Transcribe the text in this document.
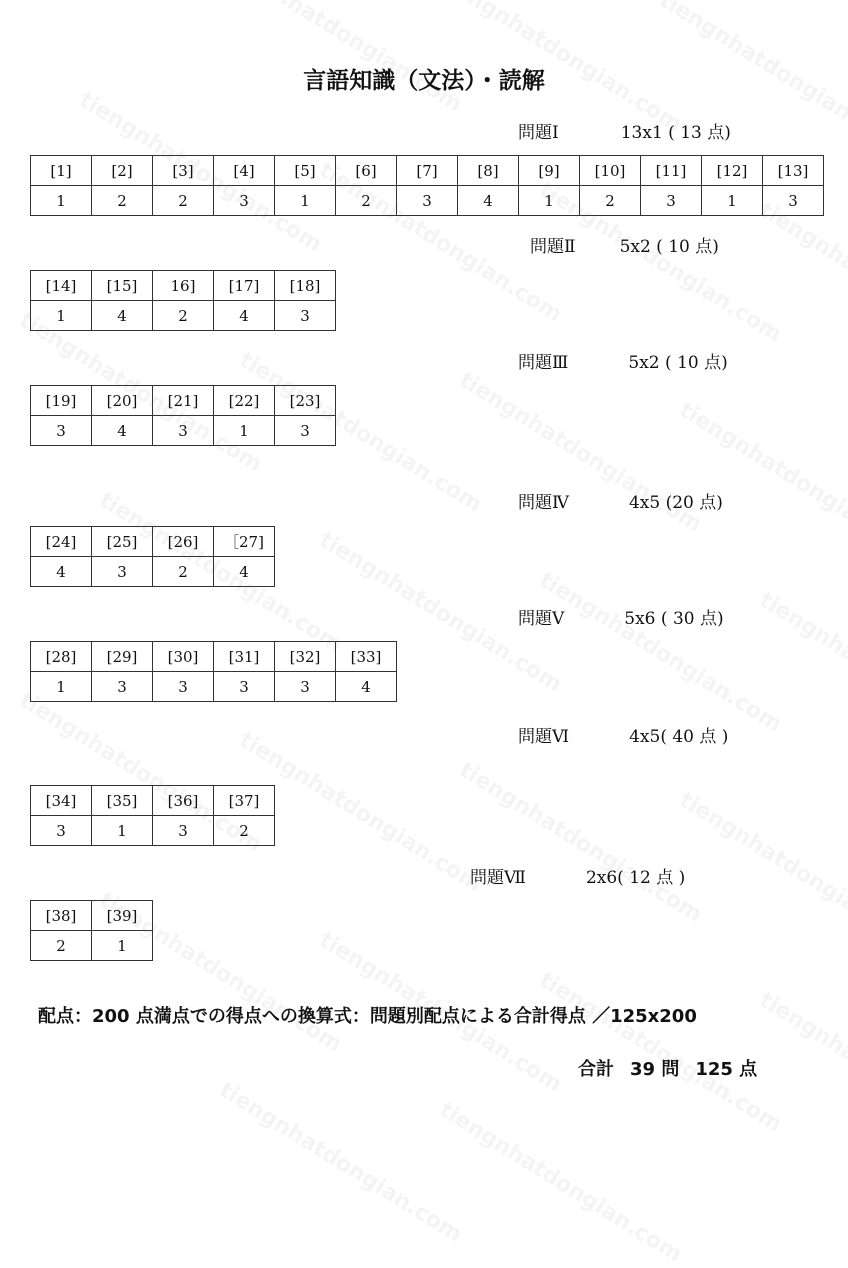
言語知識（文法）・読解
問題Ⅰ	13x1 ( 13 点)
[1]	[2]	[3]	[4]	[5]	[6]	[7]	[8]	[9]	[10]	[11]	[12]	[13]
1	2	2	3	1	2	3	4	1	2	3	1	3
問題Ⅱ	5x2 ( 10 点)
[14]	[15]	16]	[17]	[18]
1	4	2	4	3
問題Ⅲ	5x2 ( 10 点)
[19]	[20]	[21]	[22]	[23]
3	4	3	1	3
問題Ⅳ	4x5 (20 点)
[24]	[25]	[26]	［27]
4	3	2	4
問題Ⅴ	5x6 ( 30 点)
[28]	[29]	[30]	[31]	[32]	[33]
1	3	3	3	3	4
問題Ⅵ	4x5( 40 点 )
[34]	[35]	[36]	[37]
3	1	3	2
問題Ⅶ	2x6( 12 点 )
[38]	[39]
2	1
配点：200 点満点での得点への換算式：問題別配点による合計得点 ／125x200
合計 39 問 125 点
